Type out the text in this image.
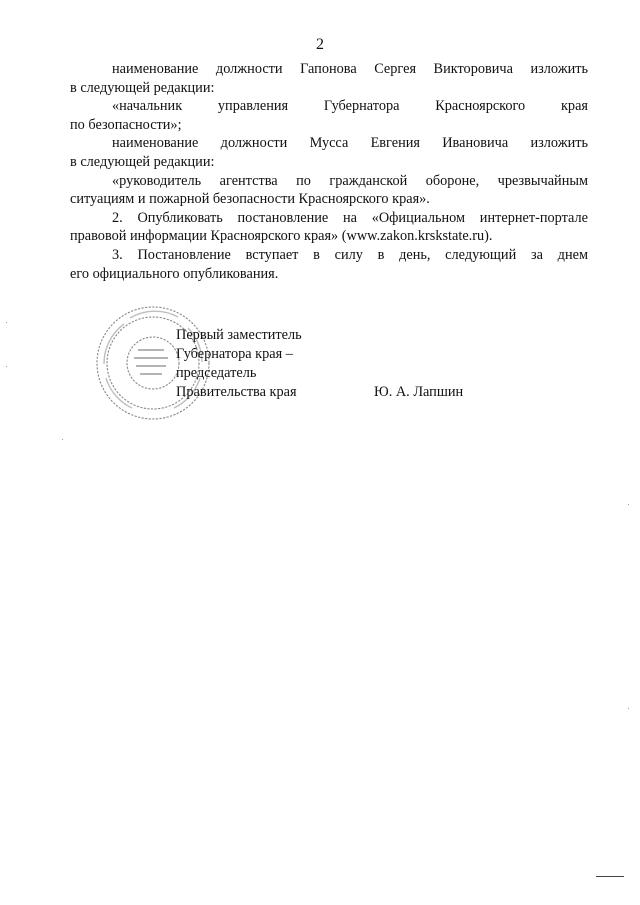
2
наименование должности Гапонова Сергея Викторовича изложить
в следующей редакции:
«начальник управления Губернатора Красноярского края
по безопасности»;
наименование должности Мусса Евгения Ивановича изложить
в следующей редакции:
«руководитель агентства по гражданской обороне, чрезвычайным
ситуациям и пожарной безопасности Красноярского края».
2. Опубликовать постановление на «Официальном интернет-портале
правовой информации Красноярского края» (www.zakon.krskstate.ru).
3. Постановление вступает в силу в день, следующий за днем
его официального опубликования.
Первый заместитель
Губернатора края –
председатель
Правительства края	Ю. А. Лапшин
